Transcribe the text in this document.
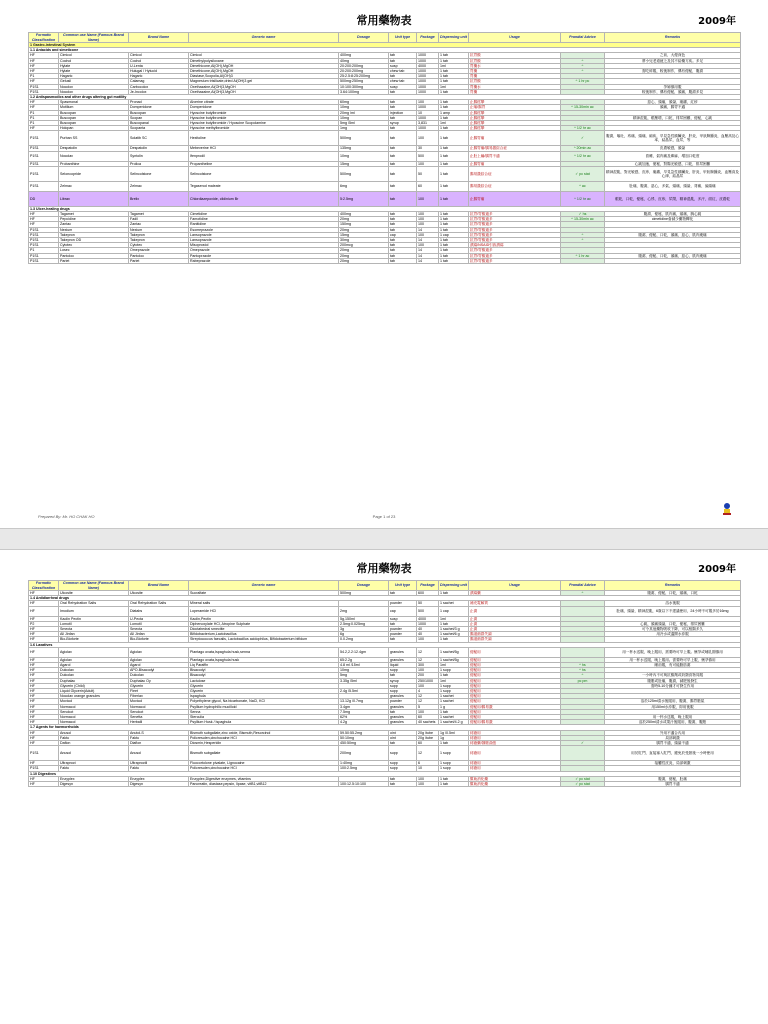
常用藥物表	2009年
Formatic Classification	Common use Name (Famous Brand Name)	Brand Name	Generic name	Dosage	Unit type	Package	Dispensing unit	Usage	Prandial Advice	Remarks
1 Gastro-intestinal System										
1.1 Antacids and simeticone										
HF	Cimicol	Cimicol	Cimicol	400mg	tab	1000	1 tab	抗胃酸		之前，大便深色
HF	Cochol	Cochol	Dimethylpolysiloxane	40mg	tab	1000	1 tab	抗胃酸	^	將小兒老道疲乏及其不給藥方疾。多足
HF	Hylate	U-Lenta	Dimethicone,Al(OH),MgOH	20:200:200mg	susp	4000	1ml	胃藥水	^	
HF	Hylate	Hulugal / Hylucid	Dimethicone,Al(OH),MgOH	20:200:200mg	chew tab	1000	1 tab	胃藥	^	需吃碎服，較後制作，偶有便秘，腹瀉
P1	Hagaric	Hagaric	Diastase,Scopolia,Al(OH)3	25:2.5:8:25:200mg	tab	1000	1 tab	胃藥		
HF	Gelusil	Calamag	Magnesium trisilicate,dried Al(OH)3 gel	500mg:250mg	chew tab	1000	1 tab	抗胃酸	^ 1 hr pc	
P1S1	Nocolox	Carbocolox	Oxethazaine,Al(OH)3,MgOH	10:100:300mg	susp	1000	1ml	胃藥水		孕婦慎用服
P1S1	Nocolox	Je-Incolox	Oxethazaine,Al(OH)3,MgOH	3.64:100mg	tab	1000	1 tab	胃藥		較後制作，偶有便秘，頭痛，腹瀉多見
1.2 Antispasmodics and other drugs altering gut motility										
HF	Spasmonal	Pronad	Alverine citrate	60mg	tab	100	1 tab	止腸痙攣		惡心，頭痛，頭暈，瘙癢，紅疹
HF	Motilium	Domperidone	Domperidone	10mg	tab	1000	1 tab	止嘔/腸胃	^ 15-30min ac	頭痛，腸胃不適
P1	Buscopan	Buscopan	Hyoscine butylbromide	20mg /ml	injection	10	1 amp	止腸痙攣		
P1	Buscopan	Scopan	Hyoscine butylbromide	10mg	tab	1000	1 tab	止腸痙攣		精神混亂，眼壓增，口乾，排尿困難，便秘，心跳
P1	Buscopan	Buscopanal	Hyoscine butylbromide / Hyoscine Scopolamine	5mg /5ml	syrup	3,831	1ml	止腸痙攣		
HF	Holopan	Scopanta	Hyoscine methylbromide	1mg	tab	1000	1 tab	止腸痙攣	^ 1/2 hr ac	
P1S1	Purban SS	Solatib SC	Hexitoline	500mg	tab	100	1 tab	止腸胃痛	✓	腹瀉，嘔吐，疼痛，頭痛，痢疾，早見急性胰臟炎，肝炎，甲狀腺腫炎，血壓高及心率，結晶尿，血尿，等
P1S1	Despatolin	Despatolin	Mebeverine HCl	135mg	tab	30	1 tab	止腸胃痛/腸易激綜合症	^ 20min ac	皮膚敏感，頭暈
P1S1	Nocolax	Syntolin	Ifenprodil	10mg	tab	500	1 tab	止肚上編/腸胃不適	^ 1/2 hr ac	昏睡，氣肉痛及痺麻，增加口乾度
P1S1	Probanthine	Prolica	Propantheline	15mg	tab	100	1 tab	止腸胃痛		心跳加速，便秘，對陽光敏感，口乾，排尿困難
P1S1	Seloncopride	Selincolstone	Selincolstone	500mg	tab	50	1 tab	腸易激綜合症	✓ pc stat	精神混亂，對光敏感，皮疹，瘙癢，早見急性胰臟炎，肝炎，甲狀腺腫炎，血壓高及心律，結晶尿
P1S1	Zelmac	Zelmac	Tegaserod maleate	6mg	tab	60	1 tab	腸易激綜合症	^ ac	肚痛，腹瀉，惡心，多氣，頭痛，頭暈，背痛，偏頭痛
DD	Librax	Brelix	Chlordiazepoxide, clidinium Br	5:2.5mg	tab	100	1 tab	止腸胃痛	^ 1/2 hr ac	眼乾，口乾，便秘，心悸，皮疹，尿閉，精神混亂，多汗，面紅，皮膚乾
1.3 Ulcer-healing drugs										
HF	Tagamet	Tagamet	Cimetidine	400mg	tab	100	1 tab	抗胃/胃酸過多	✓ hs	腹瀉，便秘，肌肉痛，頭痛，胸心跳
HF	Pepcidine	Fadil	Famotidine	20mg	tab	100	1 tab	抗胃/胃酸過多	^ 15-30min ac	cimetidine會減少藥物轉化
HF	Zantac	Zantac	Ranitidine	150mg	tab	100	1 tab	抗胃/胃酸過多		
P1S1	Nexium	Nexium	Esomeprazole	20mg	tab	14	1 tab	抗胃/胃酸過多		
P1S1	Takepron	Takepron	Lansoprazole	15mg	cap	100	1 cap	抗胃/胃酸過多	^	腹瀉，便秘，口乾，頭痛，惡心，肌肉痠痛
P1S1	Takepron OD	Takepron	Lansoprazole	30mg	tab	14	1 tab	抗胃/胃酸過多	^	
P1S1	Cytotec	Cytotec	Misoprostol	200mcg	tab	100	1 tab	潰瘍/NSAID引致潰瘍		
P1	Losec	Omeprazole	Omeprazole	20mg	tab	14	1 tab	抗胃/胃酸過多		
P1S1	Pantoloc	Pantoloc	Pantoprazole	20mg	tab	14	1 tab	抗胃/胃酸過多	^ 1 hr ac	腹瀉，便秘，口乾，頭痛，惡心，肌肉痠痛
P1S1	Pariet	Pariet	Rabeprazole	20mg	tab	14	1 tab	抗胃/胃酸過多		
Prepared By: Mr. HO CHAK HO	Page 1 of 23
常用藥物表	2009年
Formatic Classification	Common use Name (Famous Brand Name)	Brand Name	Generic name	Dosage	Unit type	Package	Dispensing unit	Usage	Prandial Advice	Remarks
HF	Ulcosite	Ulcosite	Sucralfate	500mg	tab	600	1 tab	潰瘍藥	^	腹瀉，便秘，口乾，頭痛，口乾
1.4 Antidiarrheal drugs										
HF	Oral Rehydration Salts	Oral Rehydration Salts	Mineral salts		powder	50	1 sachet	補充電解質		溶水後服
HF	Imodium	Diatabs	Loperamide HCl	2mg	cap	500	1 cap	止瀉		肚痛，頭暈，精神混亂，6歲以下不建議使用，24小時不可服多於16mg
HF	Kaolin Pectin	U-Pecta	Kaolin,Pectin	5g,150ml	susp	4000	1ml	止瀉		
P2	Lomotil	Lomotil	Diphenoxylate HCl, Atropine Sulphate	2.5mg:0.025mg	tab	1000	1 tab	止瀉		心跳，頭痛頭暈，口乾，便秘，排尿困難
HF	Smecta	Smecta	Dioctahedral smectite	3g	powder	40	1 sachet/3 g	止瀉		可令其他藥物吸收下降，可以相隔多久
HF	All Jinfan	All Jinfan	Bifidobacterium,Lactobacillus	6g	powder	40	1 sachet/6 g	腸道菌群失調		用冷水或溫開水沖服
HF	Bio-Bioforte	Bio-Bioforte	Streptococcus faecalis, Lactobacillus acidophilus, Bifidobacterium bifidum	0.0.2mg	tab	100	1 tab	腸道菌群失調		
1.6 Laxatives										
HF	Agiolax	Agiolax	Plantago ovata,Ispaghula husk,senna	54.2,2.2:12.4gm	granules	12	1 sachet/5g	便秘用		用一杯水送服，晚上服用，需要時可早上服。懷孕或哺乳期慎用
HF	Agiolax	Agiolax	Plantago ovata,Ispaghula husk	65:2.2g	granules	12	1 sachet/5g	便秘用		用一杯水送服，晚上服用。需要時可早上服，懷孕慎用
HF	Agarol	Agarol	Liq Paraffin	4.8 ml /15ml	liquid	300	1ml	便秘用	^ hs	睡前服，有可能脂肪瀉
HF	Dulcolax	APO-Bisacodyl	Bisacodyl	10mg	supp	100	1 supp	便秘用	^ hs	
HF	Dulcolax	Dulcolax	Bisacodyl	5mg	tab	200	1 tab	便秘用	^	一小時內不可與抗酸劑或奶類食物同服
HF	Duphalac	Duphalac Oy	Lactulose	3.35g /5ml	syrup	250/1000	1ml	便秘用	pc pm	腹脹或肚痛，腹瀉，減肥後發生
HF	Glycerin (Child)	Glycerin	Glycerin		supp	100	1 supp	便秘用		需時5-10分鐘才可發生作用
HF	Liquid Glycerin(Adult)	Fleet	Glycerin	2.4g /5.5ml	supp	4	1 supp	便秘用		
HF	Nocolax orange granules	Fiberlax	Ispaghula		granules	12	1 sachet	便秘用		
HF	Movicol	Movicol	Polyethylene glycol, Na bicarbonate, NaCl, KCl	13.12g /0.7mg	powder	12	1 sachet	便秘用		溶於125ml清水後服用，腹瀉，腸胃脹氣
HF	Normacol	Normacol	Psyllium hydrophilic mucilloid	3.4gm	granules	5	1 g	便秘用/腸易激		用150ml水沖服，即用後服
HF	Senokot	Senokot	Senna	7.5mg	tab	100	1 tab	便秘用		
HF	Normacol	Senetta	Sterculia	62%	granules	60	1 sachet	便秘用		用一杯水送服，晚上服用
HF	Normacol	Herbalil	Psyllium Husk / Ispaghula	4.2g	granules	40 sachets	1 sachet/4.2 g	便秘用/腸易激		溶於250ml清水或果汁後服用，腹瀉，腹脹
1.7 Agents for haemorrhoids										
HF	Anusol	Anutol-S	Bismuth subgallate,zinc oxide, Bismuth,Resorcinol	59.50:55.2mg	oint	20g /tube	1g /0.5ml	痔瘡用		外用不適合內用
HF	Faktu	Faktu	Policresulen,cinchocaine HCl	50:10mg	oint	20g /tube	1g	痔瘡用		局部刺激
HF	Daflon	Diaflon	Diosmin,Hesperidin	450:50mg	tab	60	1 tab	痔瘡藥/靜脈曲張	✓	腸胃不適，頭暈不適
P1S1	Anusol	Anusol	Bismuth subgallate	200mg	supp	12	1 supp	痔瘡用		用於肛門，直接塞入肛門，避免於受熱後一小時使用
HF	Ultraproct	Ultraproctil	Fluocortolone pivalate, Lignocaine	1:40mg	supp	6	1 supp	痔瘡用		接觸性皮炎，局部刺激
P1S1	Faktu	Faktu	Policresulen,cinchocaine HCl	100:2.5mg	supp	10	1 supp	痔瘡用		
1.10 Digestives										
HF	Enzyplex	Enzyplex	Enzyplex,Digestive enzymes, vitamins		tab	100	1 tab	幫助消化藥	✓ pc stat	腹瀉，便秘，肚痛
HF	Digesyn	Digesyn	Pancreatin, diastase,pepsin, lipase, vitB1,vitB12	100:12.5:10:100	tab	100	1 tab	幫助消化藥	✓ pc stat	腸胃不適
